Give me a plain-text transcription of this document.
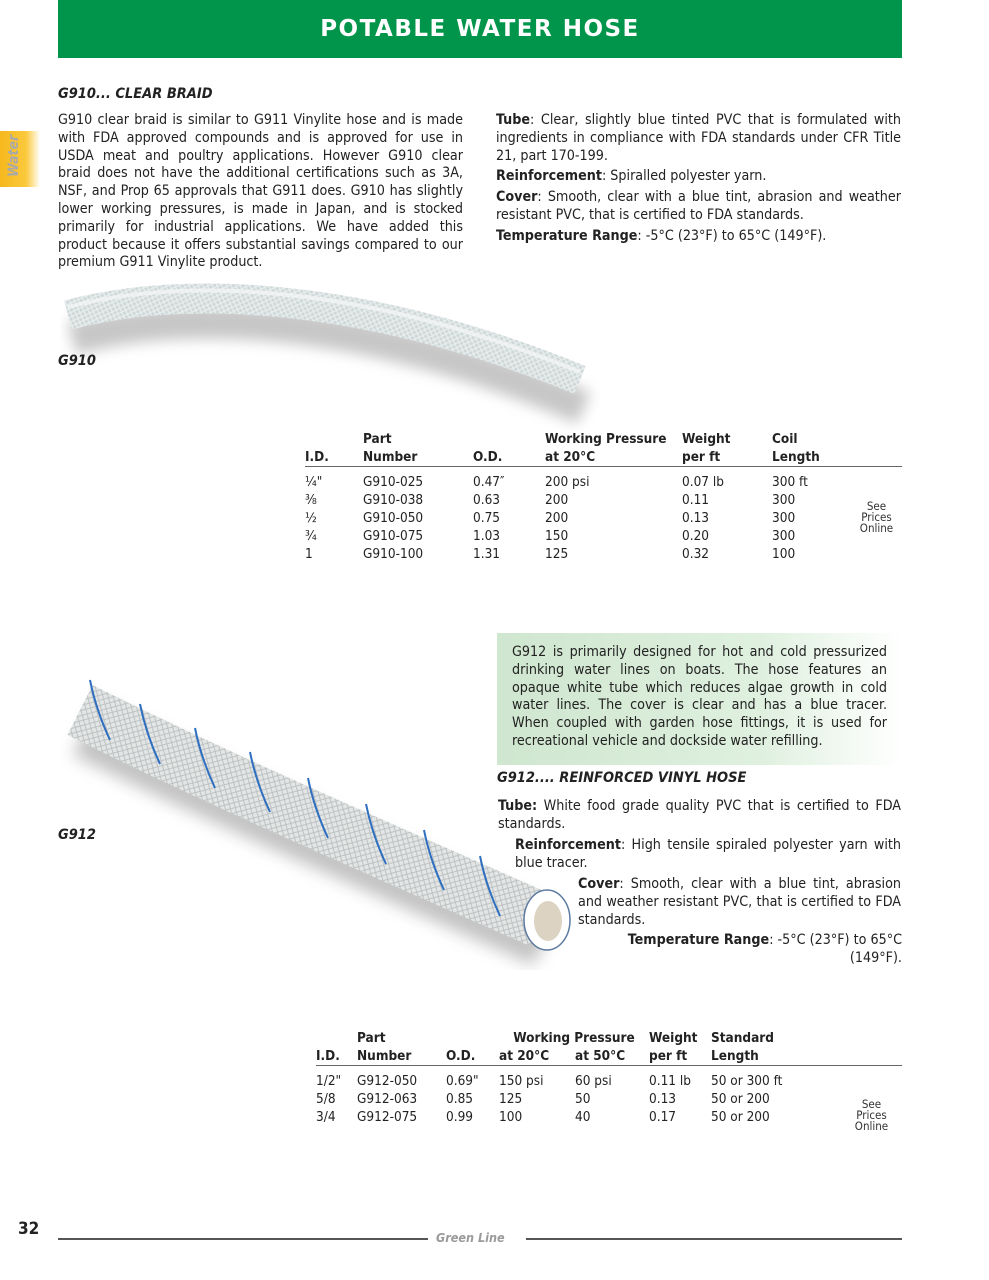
POTABLE WATER HOSE
Water
G910... CLEAR BRAID
G910 clear braid is similar to G911 Vinylite hose and is made with FDA approved compounds and is approved for use in USDA meat and poultry applications. However G910 clear braid does not have the additional certifications such as 3A, NSF, and Prop 65 approvals that G911 does. G910 has slightly lower working pressures, is made in Japan, and is stocked primarily for industrial applications. We have added this product because it offers substantial savings compared to our premium G911 Vinylite product.
Tube: Clear, slightly blue tinted PVC that is formulated with ingredients in compliance with FDA standards under CFR Title 21, part 170-199.
Reinforcement: Spiralled polyester yarn.
Cover: Smooth, clear with a blue tint, abrasion and weather resistant PVC, that is certified to FDA standards.
Temperature Range: -5°C (23°F) to 65°C (149°F).
G910
	Part		Working Pressure	Weight	Coil	
I.D.	Number	O.D.	at 20°C	per ft	Length	

¼"	G910-025	0.47″	200 psi	0.07 lb	300 ft	See
Prices
Online

⅜	G910-038	0.63	200	0.11	300	
½	G910-050	0.75	200	0.13	300	
¾	G910-075	1.03	150	0.20	300	
1	G910-100	1.31	125	0.32	100	
G912 is primarily designed for hot and cold pressurized drinking water lines on boats. The hose features an opaque white tube which reduces algae growth in cold water lines. The cover is clear and has a blue tracer. When coupled with garden hose fittings, it is used for recreational vehicle and dockside water refilling.
G912.... REINFORCED VINYL HOSE
Tube: White food grade quality PVC that is certified to FDA standards.
Reinforcement: High tensile spiraled polyester yarn with blue tracer.
Cover: Smooth, clear with a blue tint, abrasion and weather resistant PVC, that is certified to FDA standards.
Temperature Range: -5°C (23°F) to 65°C (149°F).
G912
	Part		Working Pressure		Weight	Standard	
I.D.	Number	O.D.	at 20°C	at 50°C	per ft	Length	

1/2"	G912-050	0.69"	150 psi	60 psi	0.11 lb	50 or 300 ft	See
Prices
Online

5/8	G912-063	0.85	125	50	0.13	50 or 200	
3/4	G912-075	0.99	100	40	0.17	50 or 200	
32	Green Line
